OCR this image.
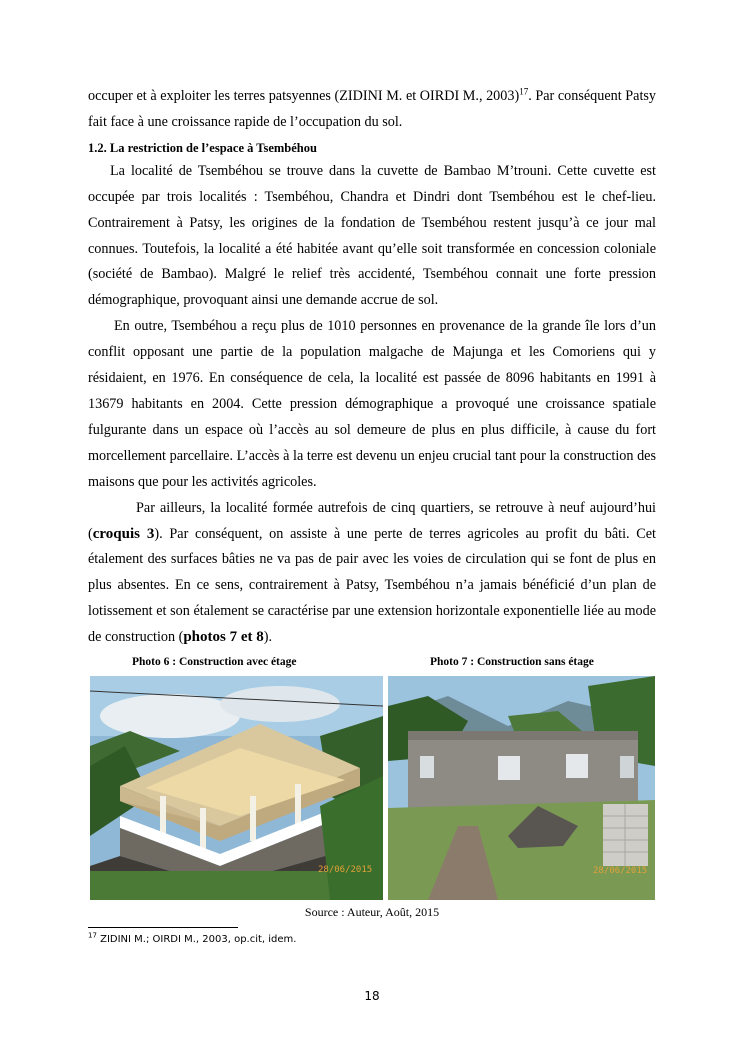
occuper et à exploiter les terres patsyennes (ZIDINI M. et OIRDI M., 2003)$^{17}$. Par conséquent Patsy fait face à une croissance rapide de l’occupation du sol.

1.2. La restriction de l’espace à Tsembéhou

La localité de Tsembéhou se trouve dans la cuvette de Bambao M’trouni. Cette cuvette est occupée par trois localités : Tsembéhou, Chandra et Dindri dont Tsembéhou est le chef-lieu. Contrairement à Patsy, les origines de la fondation de Tsembéhou restent jusqu’à ce jour mal connues. Toutefois, la localité a été habitée avant qu’elle soit transformée en concession coloniale (société de Bambao). Malgré le relief très accidenté, Tsembéhou connait une forte pression démographique, provoquant ainsi une demande accrue de sol.

En outre, Tsembéhou a reçu plus de 1010 personnes en provenance de la grande île lors d’un conflit opposant une partie de la population malgache de Majunga et les Comoriens qui y résidaient, en 1976. En conséquence de cela, la localité est passée de 8096 habitants en 1991 à 13679 habitants en 2004. Cette pression démographique a provoqué une croissance spatiale fulgurante dans un espace où l’accès au sol demeure de plus en plus difficile, à cause du fort morcellement parcellaire. L’accès à la terre est devenu un enjeu crucial tant pour la construction des maisons que pour les activités agricoles.

Par ailleurs, la localité formée autrefois de cinq quartiers, se retrouve à neuf aujourd’hui (croquis 3). Par conséquent, on assiste à une perte de terres agricoles au profit du bâti. Cet étalement des surfaces bâties ne va pas de pair avec les voies de circulation qui se font de plus en plus absentes. En ce sens, contrairement à Patsy, Tsembéhou n’a jamais bénéficié d’un plan de lotissement et son étalement se caractérise par une extension horizontale exponentielle liée au mode de construction (photos 7 et 8).

Photo 6 : Construction avec étage	Photo 7 : Construction sans étage
28/06/2015	28/06/2015
Source : Auteur, Août, 2015
$^{17}$ ZIDINI M.; OIRDI M., 2003, op.cit, idem.
18
